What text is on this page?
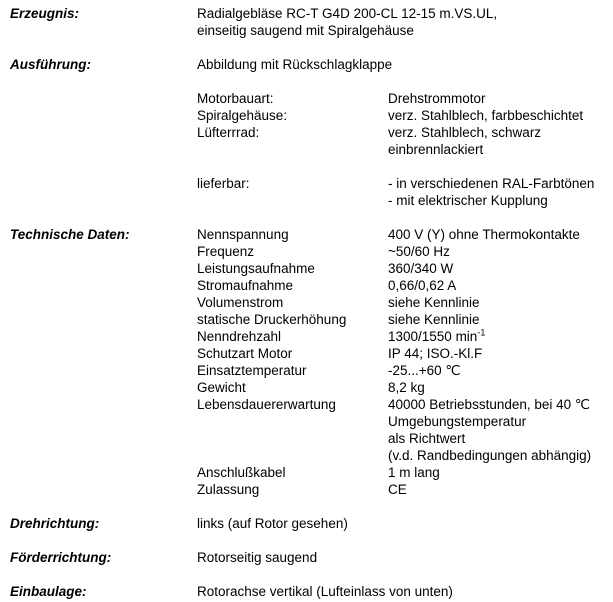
Erzeugnis:	Radialgebläse RC-T G4D 200-CL 12-15 m.VS.UL,
einseitig saugend mit Spiralgehäuse
Ausführung:	Abbildung mit Rückschlagklappe
Motorbauart:	Drehstrommotor
Spiralgehäuse:	verz. Stahlblech, farbbeschichtet
Lüfterrrad:	verz. Stahlblech, schwarz
einbrennlackiert
lieferbar:	- in verschiedenen RAL-Farbtönen
- mit elektrischer Kupplung
Technische Daten:	Nennspannung	400 V (Y) ohne Thermokontakte
Frequenz	~50/60 Hz
Leistungsaufnahme	360/340 W
Stromaufnahme	0,66/0,62 A
Volumenstrom	siehe Kennlinie
statische Druckerhöhung	siehe Kennlinie
Nenndrehzahl	1300/1550 $\min^{-1}$
Schutzart Motor	IP 44; ISO.-Kl.F
Einsatztemperatur	-25...+60 ℃
Gewicht	8,2 kg
Lebensdauererwartung	40000 Betriebsstunden, bei 40 ℃
Umgebungstemperatur
als Richtwert
(v.d. Randbedingungen abhängig)
Anschlußkabel	1 m lang
Zulassung	CE
Drehrichtung:	links (auf Rotor gesehen)
Förderrichtung:	Rotorseitig saugend
Einbaulage:	Rotorachse vertikal (Lufteinlass von unten)
